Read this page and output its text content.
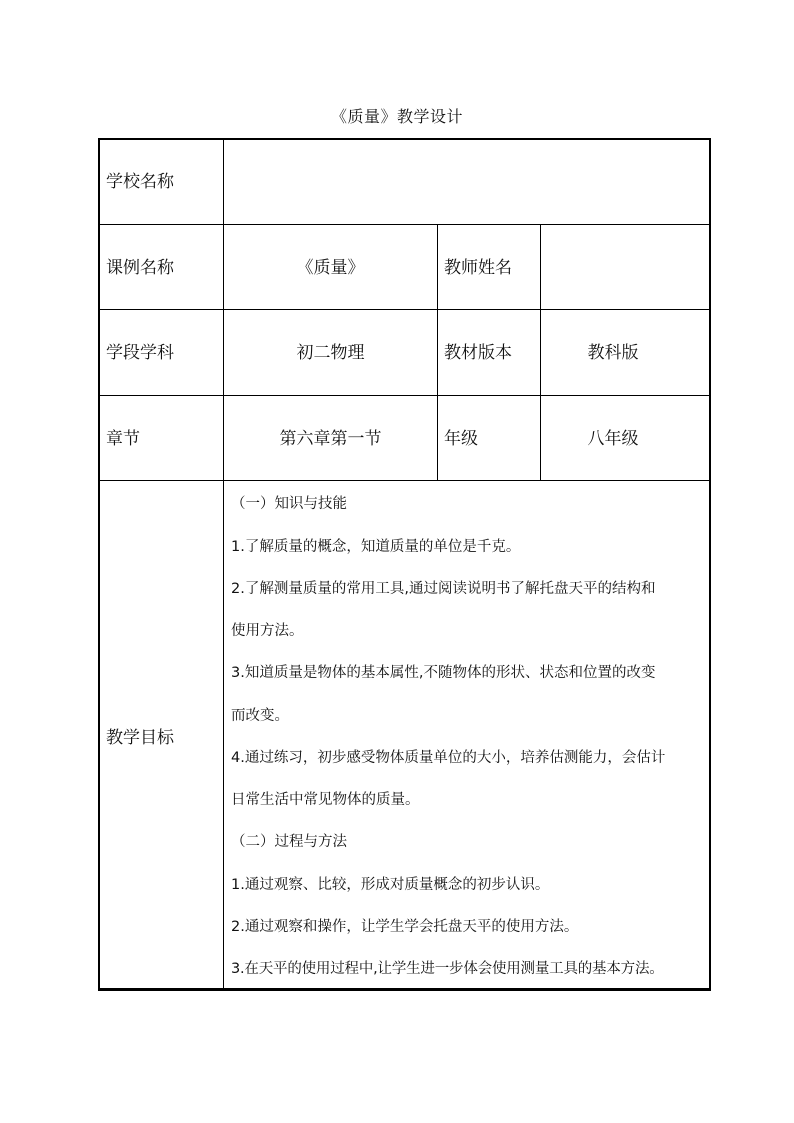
《质量》教学设计
学校名称
课例名称	《质量》	教师姓名
学段学科	初二物理	教材版本	教科版
章节	第六章第一节	年级	八年级
教学目标
（一）知识与技能
1.了解质量的概念，知道质量的单位是千克。
2.了解测量质量的常用工具,通过阅读说明书了解托盘天平的结构和
使用方法。
3.知道质量是物体的基本属性,不随物体的形状、状态和位置的改变
而改变。
4.通过练习，初步感受物体质量单位的大小，培养估测能力，会估计
日常生活中常见物体的质量。
（二）过程与方法
1.通过观察、比较，形成对质量概念的初步认识。
2.通过观察和操作，让学生学会托盘天平的使用方法。
3.在天平的使用过程中,让学生进一步体会使用测量工具的基本方法。
